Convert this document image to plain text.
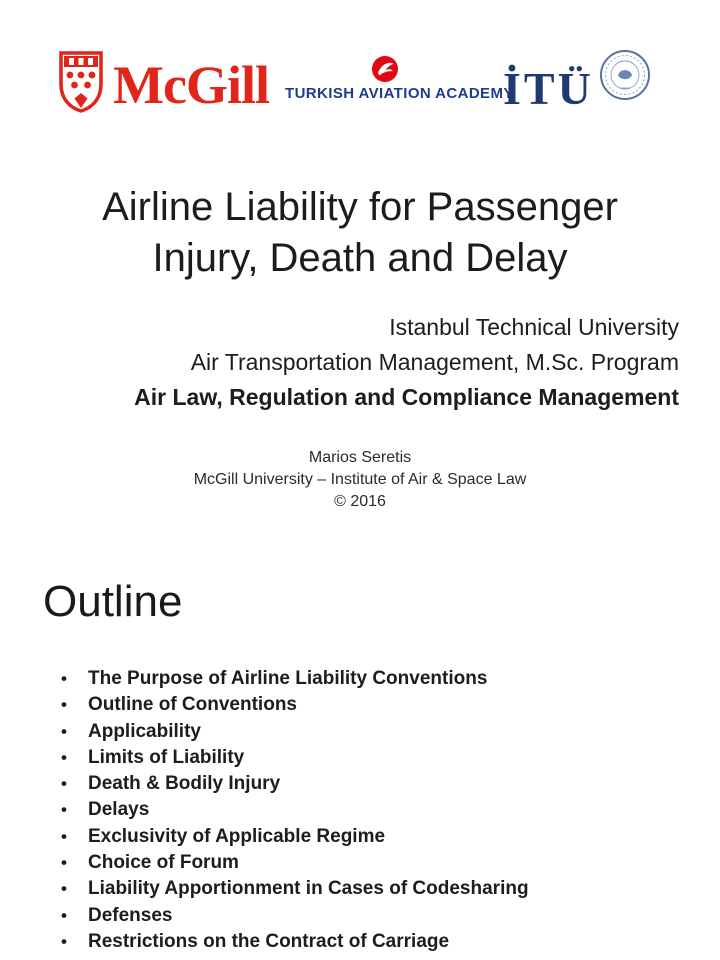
McGill TURKISH AVIATION ACADEMY
İTÜ
Airline Liability for Passenger
Injury, Death and Delay
Istanbul Technical University
Air Transportation Management, M.Sc. Program
Air Law, Regulation and Compliance Management
Marios Seretis
McGill University – Institute of Air & Space Law
© 2016
Outline
• The Purpose of Airline Liability Conventions
• Outline of Conventions
• Applicability
• Limits of Liability
• Death & Bodily Injury
• Delays
• Exclusivity of Applicable Regime
• Choice of Forum
• Liability Apportionment in Cases of Codesharing
• Defenses
• Restrictions on the Contract of Carriage
